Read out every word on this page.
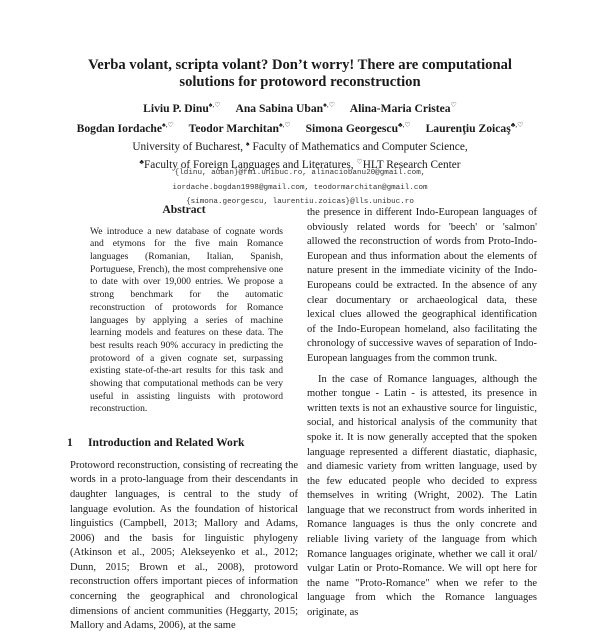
Verba volant, scripta volant? Don’t worry! There are computational
solutions for protoword reconstruction
Liviu P. Dinu♠,♡ Ana Sabina Uban♠,♡ Alina-Maria Cristea♡
Bogdan Iordache♠,♡ Teodor Marchitan♠,♡ Simona Georgescu♣,♡ Laurenţiu Zoicaş♣,♡
University of Bucharest, ♠ Faculty of Mathematics and Computer Science,
♣Faculty of Foreign Languages and Literatures, ♡HLT Research Center
{ldinu, auban}@fmi.unibuc.ro, alinaciobanu20@gmail.com,
iordache.bogdan1998@gmail.com, teodormarchitan@gmail.com
{simona.georgescu, laurentiu.zoicas}@lls.unibuc.ro
Abstract

We introduce a new database of cognate words and etymons for the five main Romance languages (Romanian, Italian, Spanish, Portuguese, French), the most comprehensive one to date with over 19,000 entries. We propose a strong benchmark for the automatic reconstruction of protowords for Romance languages by applying a series of machine learning models and features on these data. The best results reach 90% accuracy in predicting the protoword of a given cognate set, surpassing existing state-of-the-art results for this task and showing that computational methods can be very useful in assisting linguists with protoword reconstruction.

1 Introduction and Related Work

Protoword reconstruction, consisting of recreating the words in a proto-language from their descendants in daughter languages, is central to the study of language evolution. As the foundation of historical linguistics (Campbell, 2013; Mallory and Adams, 2006) and the basis for linguistic phylogeny (Atkinson et al., 2005; Alekseyenko et al., 2012; Dunn, 2015; Brown et al., 2008), protoword reconstruction offers important pieces of information concerning the geographical and chronological dimensions of ancient communities (Heggarty, 2015; Mallory and Adams, 2006), at the same

the presence in different Indo-European languages of obviously related words for 'beech' or 'salmon' allowed the reconstruction of words from Proto-Indo-European and thus information about the elements of nature present in the immediate vicinity of the Indo-Europeans could be extracted. In the absence of any clear documentary or archaeological data, these lexical clues allowed the geographical identification of the Indo-European homeland, also facilitating the chronology of successive waves of separation of Indo-European languages from the common trunk.

In the case of Romance languages, although the mother tongue - Latin - is attested, its presence in written texts is not an exhaustive source for linguistic, social, and historical analysis of the community that spoke it. It is now generally accepted that the spoken language represented a different diastatic, diaphasic, and diamesic variety from written language, used by the few educated people who decided to express themselves in writing (Wright, 2002). The Latin language that we reconstruct from words inherited in Romance languages is thus the only concrete and reliable living variety of the language from which Romance languages originate, whether we call it oral/ vulgar Latin or Proto-Romance. We will opt here for the name "Proto-Romance" when we refer to the language from which the Romance languages originate, as
